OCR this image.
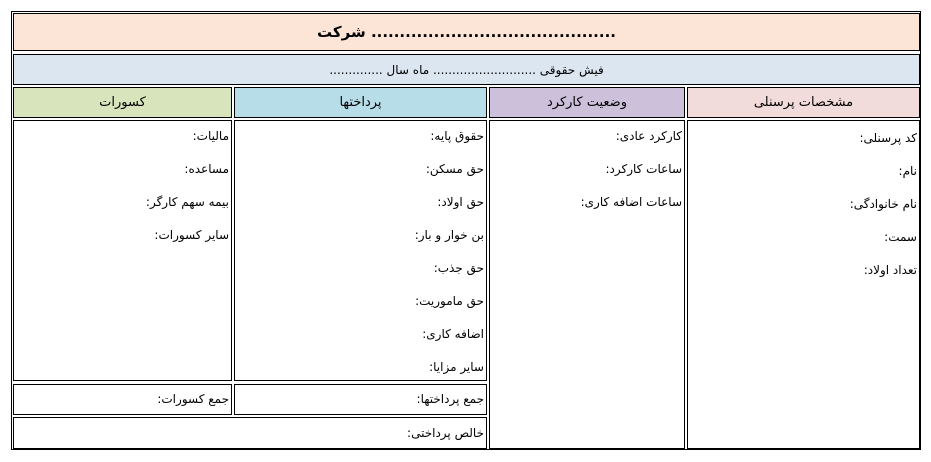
شرکت ...........................................
فیش حقوقی ........................... ماه سال ..............
مشخصات پرسنلی
وضعیت کارکرد
پرداختها
کسورات
کد پرسنلی:
نام:
نام خانوادگی:
سمت:
تعداد اولاد:
کارکرد عادی:
ساعات کارکرد:
ساعات اضافه کاری:
حقوق پایه:
حق مسکن:
حق اولاد:
بن خوار و بار:
حق جذب:
حق ماموریت:
اضافه کاری:
سایر مزایا:
مالیات:
مساعده:
بیمه سهم کارگر:
سایر کسورات:
جمع پرداختها:
جمع کسورات:
خالص پرداختی:
